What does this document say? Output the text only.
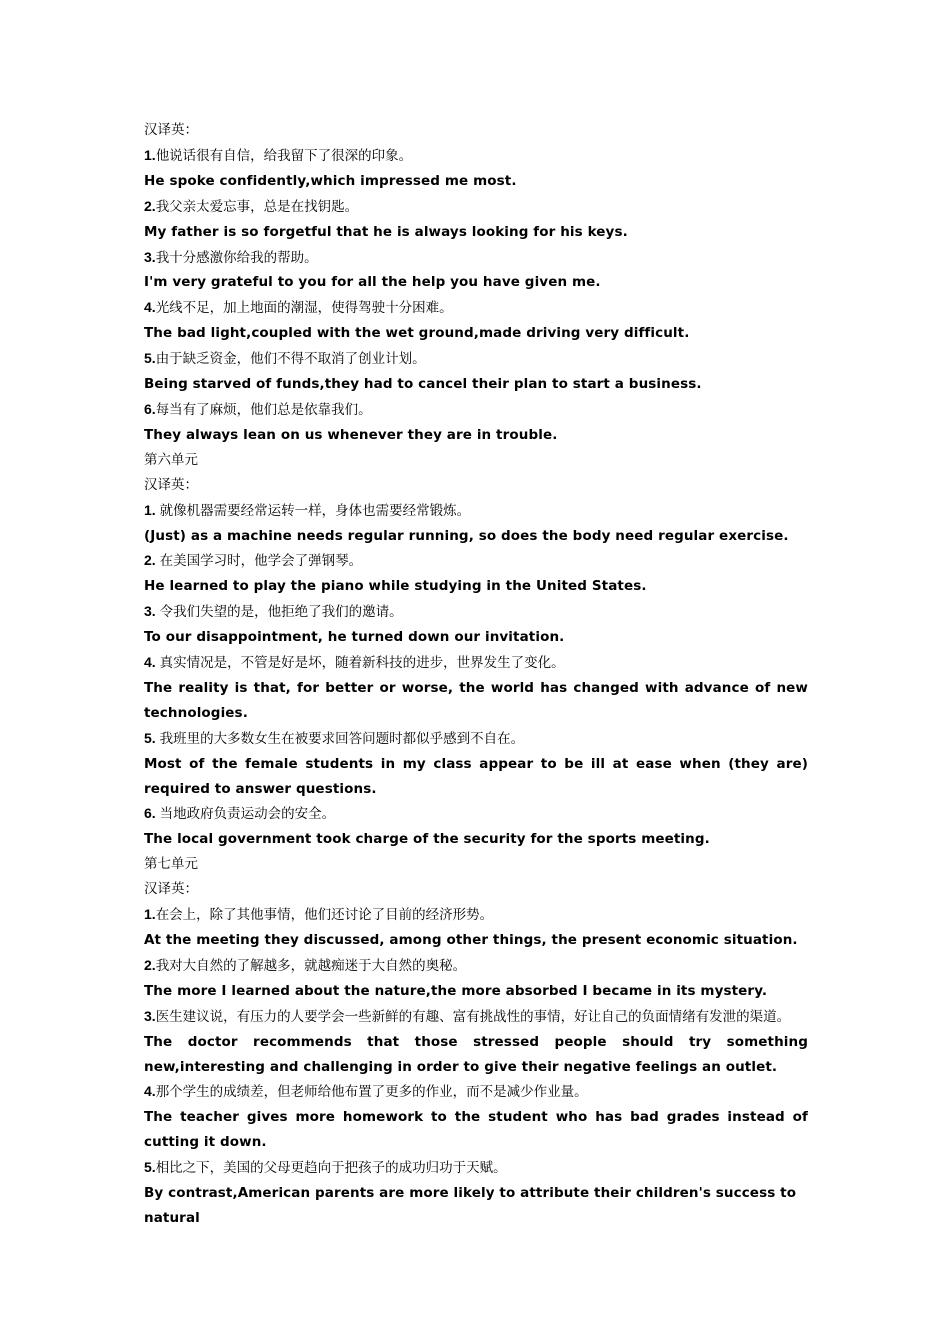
汉译英：

1.他说话很有自信，给我留下了很深的印象。

He spoke confidently,which impressed me most.

2.我父亲太爱忘事，总是在找钥匙。

My father is so forgetful that he is always looking for his keys.

3.我十分感激你给我的帮助。

I'm very grateful to you for all the help you have given me.

4.光线不足，加上地面的潮湿，使得驾驶十分困难。

The bad light,coupled with the wet ground,made driving very difficult.

5.由于缺乏资金，他们不得不取消了创业计划。

Being starved of funds,they had to cancel their plan to start a business.

6.每当有了麻烦，他们总是依靠我们。

They always lean on us whenever they are in trouble.

第六单元

汉译英：

1. 就像机器需要经常运转一样，身体也需要经常锻炼。

(Just) as a machine needs regular running, so does the body need regular exercise.

2. 在美国学习时，他学会了弹钢琴。

He learned to play the piano while studying in the United States.

3. 令我们失望的是，他拒绝了我们的邀请。

To our disappointment, he turned down our invitation.

4. 真实情况是，不管是好是坏，随着新科技的进步，世界发生了变化。

The reality is that, for better or worse, the world has changed with advance of new technologies.

5. 我班里的大多数女生在被要求回答问题时都似乎感到不自在。

Most of the female students in my class appear to be ill at ease when (they are) required to answer questions.

6. 当地政府负责运动会的安全。

The local government took charge of the security for the sports meeting.

第七单元

汉译英：

1.在会上，除了其他事情，他们还讨论了目前的经济形势。

At the meeting they discussed, among other things, the present economic situation.

2.我对大自然的了解越多，就越痴迷于大自然的奥秘。

The more I learned about the nature,the more absorbed I became in its mystery.

3.医生建议说，有压力的人要学会一些新鲜的有趣、富有挑战性的事情，好让自己的负面情绪有发泄的渠道。

The doctor recommends that those stressed people should try something new,interesting and challenging in order to give their negative feelings an outlet.

4.那个学生的成绩差，但老师给他布置了更多的作业，而不是减少作业量。

The teacher gives more homework to the student who has bad grades instead of cutting it down.

5.相比之下，美国的父母更趋向于把孩子的成功归功于天赋。

By contrast,American parents are more likely to attribute their children's success to natural
